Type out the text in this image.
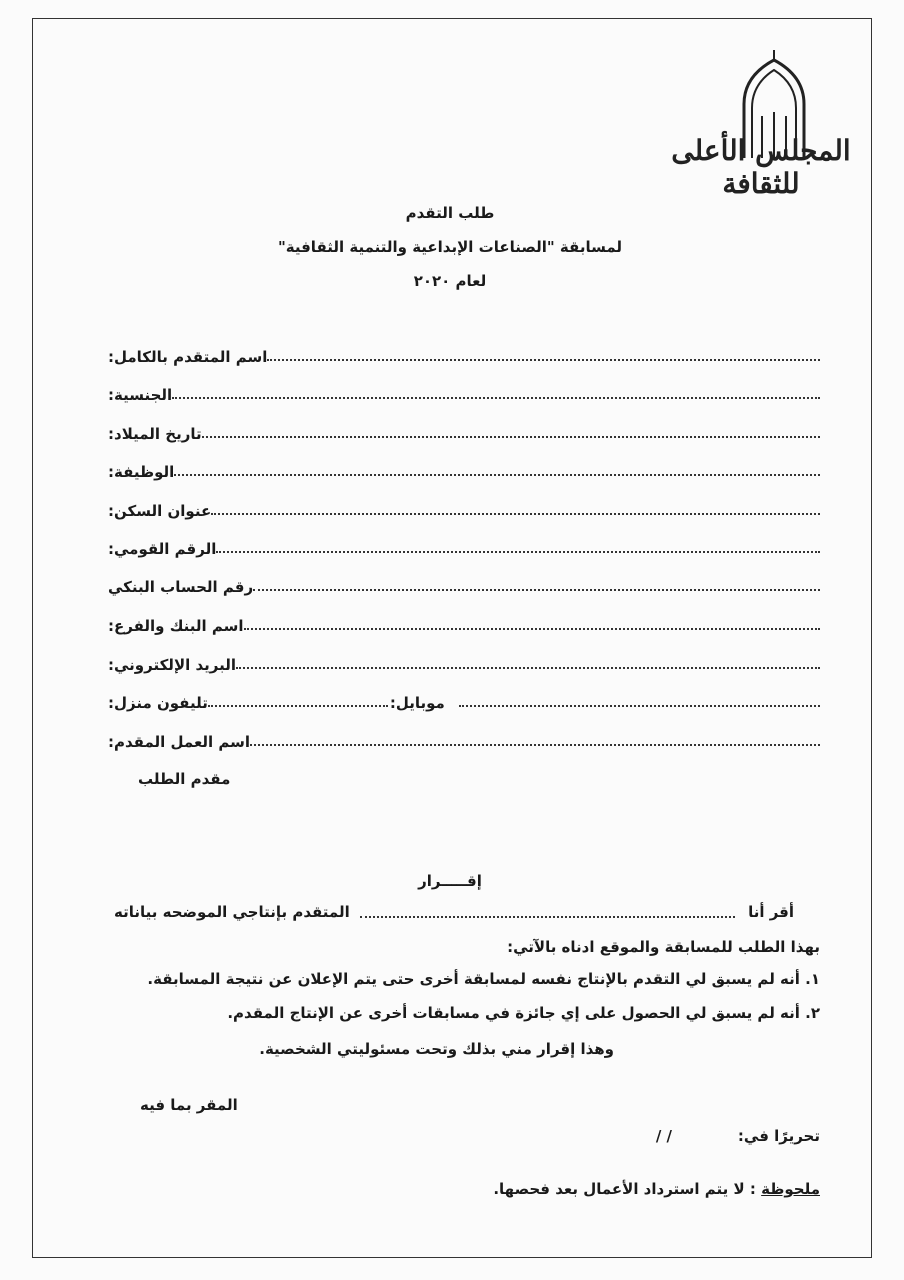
المجلس الأعلى للثقافة
طلب التقدم
لمسابقة "الصناعات الإبداعية والتنمية الثقافية"
لعام ٢٠٢٠
اسم المتقدم بالكامل:
الجنسية:
تاريخ الميلاد:
الوظيفة:
عنوان السكن:
الرقم القومي:
رقم الحساب البنكي
اسم البنك والفرع:
البريد الإلكتروني:
تليفون منزل:	موبايل:
اسم العمل المقدم:
مقدم الطلب
إقـــــرار
أقر أنا
المتقدم بإنتاجي الموضحه بياناته
بهذا الطلب للمسابقة والموقع ادناه بالآتي:
١. أنه لم يسبق لي التقدم بالإنتاج نفسه لمسابقة أخرى حتى يتم الإعلان عن نتيجة المسابقة.
٢. أنه لم يسبق لي الحصول على إي جائزة في مسابقات أخرى عن الإنتاج المقدم.
وهذا إقرار مني بذلك وتحت مسئوليتي الشخصية.
المقر بما فيه
تحريرًا في:
/ /
ملحوظة : لا يتم استرداد الأعمال بعد فحصها.
